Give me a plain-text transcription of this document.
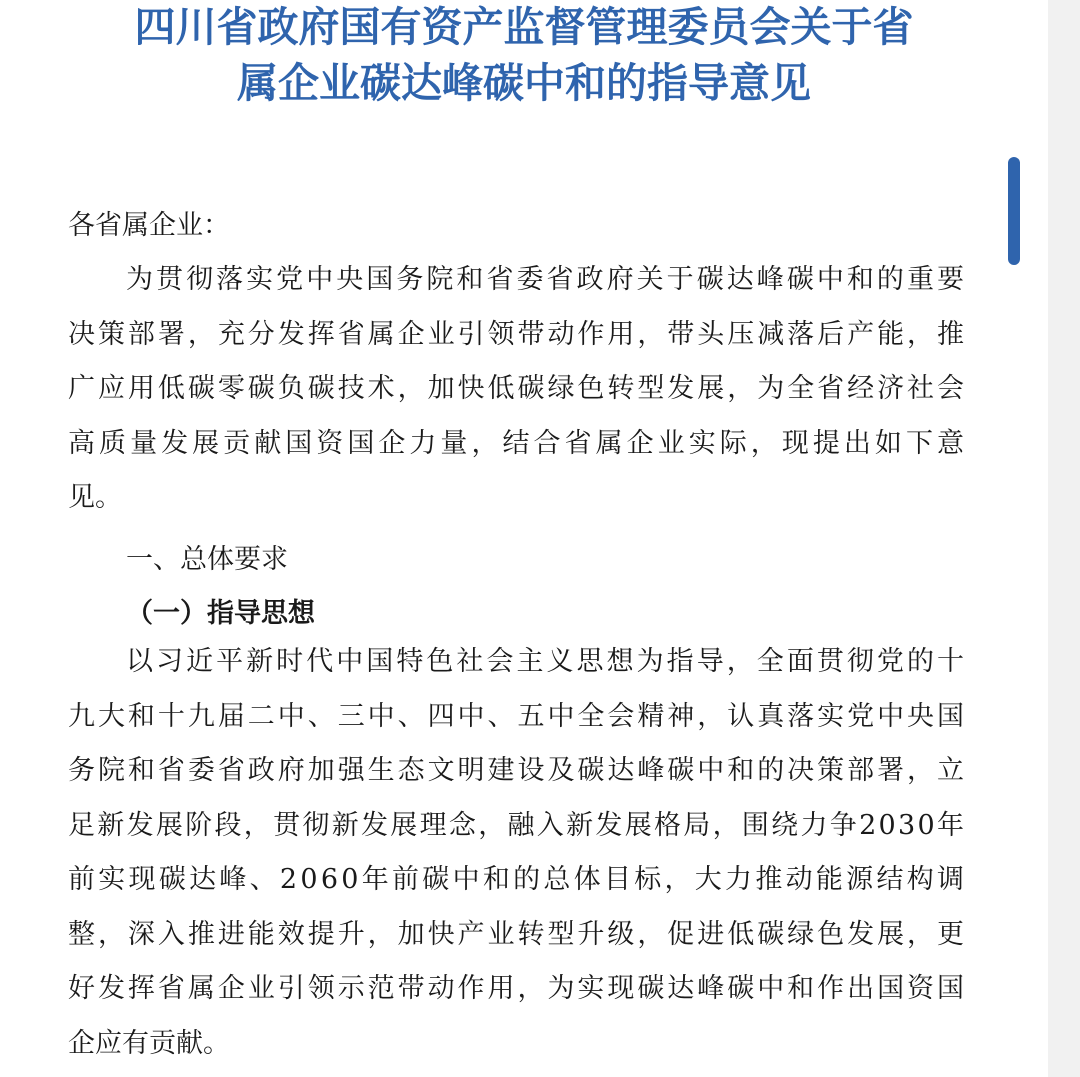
四川省政府国有资产监督管理委员会关于省
属企业碳达峰碳中和的指导意见
各省属企业：
为贯彻落实党中央国务院和省委省政府关于碳达峰碳中和的重要
决策部署，充分发挥省属企业引领带动作用，带头压减落后产能，推
广应用低碳零碳负碳技术，加快低碳绿色转型发展，为全省经济社会
高质量发展贡献国资国企力量，结合省属企业实际，现提出如下意
见。
一、总体要求
（一）指导思想
以习近平新时代中国特色社会主义思想为指导，全面贯彻党的十
九大和十九届二中、三中、四中、五中全会精神，认真落实党中央国
务院和省委省政府加强生态文明建设及碳达峰碳中和的决策部署，立
足新发展阶段，贯彻新发展理念，融入新发展格局，围绕力争2030年
前实现碳达峰、2060年前碳中和的总体目标，大力推动能源结构调
整，深入推进能效提升，加快产业转型升级，促进低碳绿色发展，更
好发挥省属企业引领示范带动作用，为实现碳达峰碳中和作出国资国
企应有贡献。
